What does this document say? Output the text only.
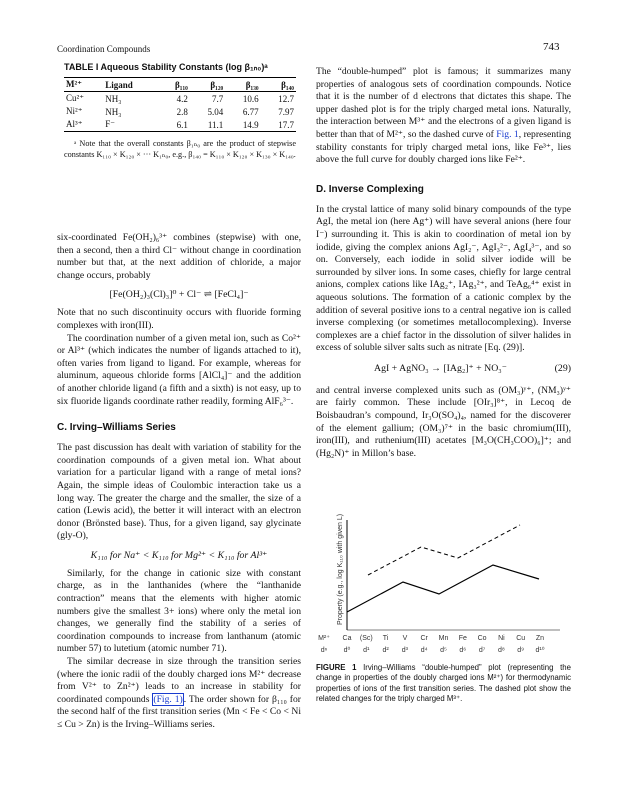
Coordination Compounds	743
TABLE I Aqueous Stability Constants (log β₁ₙ₀)ᵃ
M²⁺	Ligand	β₁₁₀	β₁₂₀	β₁₃₀	β₁₄₀
Cu²⁺	NH₃	4.2	7.7	10.6	12.7
Ni²⁺	NH₃	2.8	5.04	6.77	7.97
Al³⁺	F⁻	6.1	11.1	14.9	17.7
ᵃ Note that the overall constants β₁ₙ₀ are the product of stepwise constants K₁₁₀ × K₁₂₀ × ··· K₁ₙ₀, e.g., β₁₄₀ = K₁₁₀ × K₁₂₀ × K₁₃₀ × K₁₄₀.

six-coordinated Fe(OH₂)₆³⁺ combines (stepwise) with one, then a second, then a third Cl⁻ without change in coordination number but that, at the next addition of chloride, a major change occurs, probably

[Fe(OH₂)₃(Cl)₃]⁰ + Cl⁻ ⇌ [FeCl₄]⁻

Note that no such discontinuity occurs with fluoride forming complexes with iron(III).

The coordination number of a given metal ion, such as Co²⁺ or Al³⁺ (which indicates the number of ligands attached to it), often varies from ligand to ligand. For example, whereas for aluminum, aqueous chloride forms [AlCl₄]⁻ and the addition of another chloride ligand (a fifth and a sixth) is not easy, up to six fluoride ligands coordinate rather readily, forming AlF₆³⁻.

C. Irving–Williams Series

The past discussion has dealt with variation of stability for the coordination compounds of a given metal ion. What about variation for a particular ligand with a range of metal ions? Again, the simple ideas of Coulombic interaction take us a long way. The greater the charge and the smaller, the size of a cation (Lewis acid), the better it will interact with an electron donor (Brönsted base). Thus, for a given ligand, say glycinate (gly-O),

K₁₁₀ for Na⁺ < K₁₁₀ for Mg²⁺ < K₁₁₀ for Al³⁺

Similarly, for the change in cationic size with constant charge, as in the lanthanides (where the “lanthanide contraction” means that the elements with higher atomic numbers give the smallest 3+ ions) where only the metal ion changes, we generally find the stability of a series of coordination compounds to increase from lanthanum (atomic number 57) to lutetium (atomic number 71).

The similar decrease in size through the transition series (where the ionic radii of the doubly charged ions M²⁺ decrease from V²⁺ to Zn²⁺) leads to an increase in stability for coordinated compounds (Fig. 1). The order shown for β₁₁₀ for the second half of the first transition series (Mn < Fe < Co < Ni ≤ Cu > Zn) is the Irving–Williams series.

The “double-humped” plot is famous; it summarizes many properties of analogous sets of coordination compounds. Notice that it is the number of d electrons that dictates this shape. The upper dashed plot is for the triply charged metal ions. Naturally, the interaction between M³⁺ and the electrons of a given ligand is better than that of M²⁺, so the dashed curve of Fig. 1, representing stability constants for triply charged metal ions, like Fe³⁺, lies above the full curve for doubly charged ions like Fe²⁺.

D. Inverse Complexing

In the crystal lattice of many solid binary compounds of the type AgI, the metal ion (here Ag⁺) will have several anions (here four I⁻) surrounding it. This is akin to coordination of metal ion by iodide, giving the complex anions AgI₂⁻, AgI₃²⁻, AgI₄³⁻, and so on. Conversely, each iodide in solid silver iodide will be surrounded by silver ions. In some cases, chiefly for large central anions, complex cations like IAg₂⁺, IAg₃²⁺, and TeAg₆⁴⁺ exist in aqueous solutions. The formation of a cationic complex by the addition of several positive ions to a central negative ion is called inverse complexing (or sometimes metallocomplexing). Inverse complexes are a chief factor in the dissolution of silver halides in excess of soluble silver salts such as nitrate [Eq. (29)].

AgI + AgNO₃ → [IAg₂]⁺ + NO₃⁻	(29)

and central inverse complexed units such as (OM₃)ʸ⁺, (NM₃)ʸ⁺ are fairly common. These include [OIr₃]⁸⁺, in Lecoq de Boisbaudran’s compound, Ir₃O(SO₄)₄, named for the discoverer of the element gallium; (OM₃)⁷⁺ in the basic chromium(III), iron(III), and ruthenium(III) acetates [M₃O(CH₃COO)₆]⁺; and (Hg₂N)⁺ in Millon’s base.

Property (e.g., log K₁₁₀ with given L)
M²⁺
dⁿ
Ca
d⁰
(Sc)
d¹
Ti
d²
V
d³
Cr
d⁴
Mn
d⁵
Fe
d⁶
Co
d⁷
Ni
d⁸
Cu
d⁹
Zn
d¹⁰
FIGURE 1 Irving–Williams “double-humped” plot (representing the change in properties of the doubly charged ions M²⁺) for thermodynamic properties of ions of the first transition series. The dashed plot show the related changes for the triply charged M³⁺.
